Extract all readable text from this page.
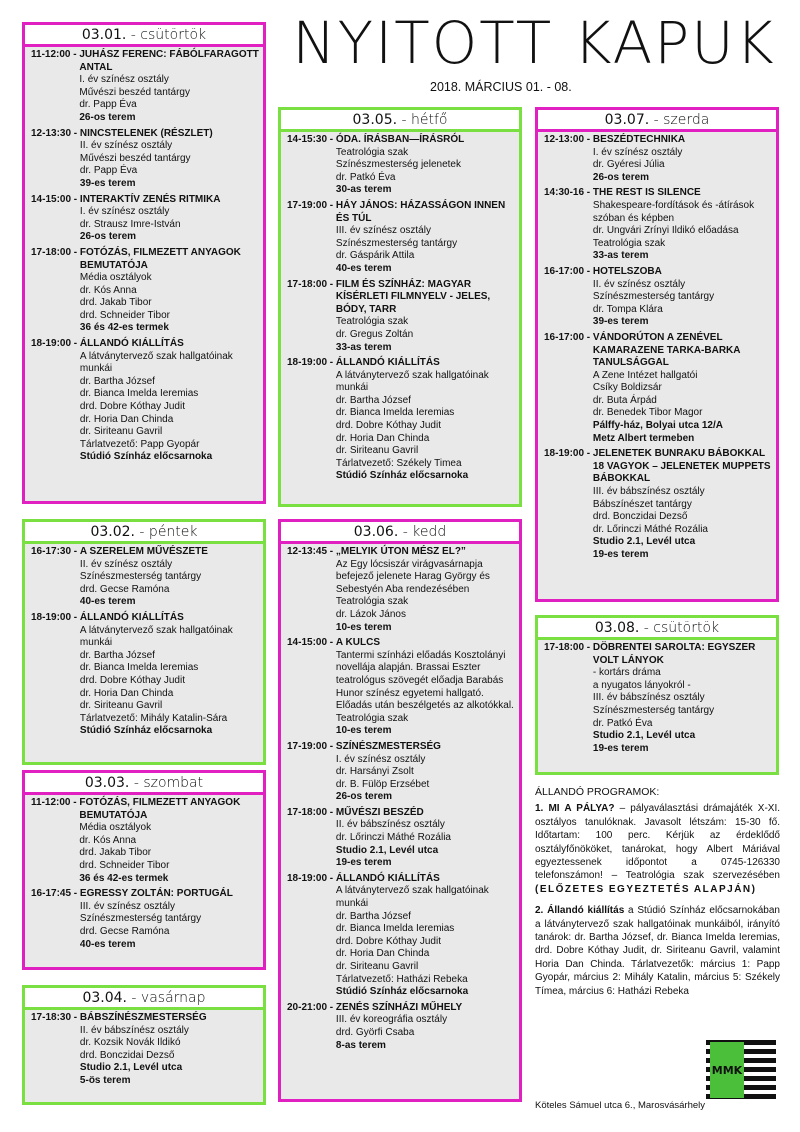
NYITOTT KAPUK
2018. MÁRCIUS 01. - 08.
03.01. - csütörtök
11-12:00 - JUHÁSZ FERENC: FÁBÓLFARAGOTT ANTAL
I. év színész osztály
Művészi beszéd tantárgy
dr. Papp Éva
26-os terem
12-13:30 - NINCSTELENEK (RÉSZLET)
II. év színész osztály
Művészi beszéd tantárgy
dr. Papp Éva
39-es terem
14-15:00 - INTERAKTÍV ZENÉS RITMIKA
I. év színész osztály
dr. Strausz Imre-István
26-os terem
17-18:00 - FOTÓZÁS, FILMEZETT ANYAGOK BEMUTATÓJA
Média osztályok
dr. Kós Anna
drd. Jakab Tibor
drd. Schneider Tibor
36 és 42-es termek
18-19:00 - ÁLLANDÓ KIÁLLÍTÁS
A látványtervező szak hallgatóinak munkái
dr. Bartha József
dr. Bianca Imelda Ieremias
drd. Dobre Kóthay Judit
dr. Horia Dan Chinda
dr. Siriteanu Gavril
Tárlatvezető: Papp Gyopár
Stúdió Színház előcsarnoka
03.02. - péntek
16-17:30 - A SZERELEM MŰVÉSZETE
II. év színész osztály
Színészmesterség tantárgy
drd. Gecse Ramóna
40-es terem
18-19:00 - ÁLLANDÓ KIÁLLÍTÁS
A látványtervező szak hallgatóinak munkái
dr. Bartha József
dr. Bianca Imelda Ieremias
drd. Dobre Kóthay Judit
dr. Horia Dan Chinda
dr. Siriteanu Gavril
Tárlatvezető: Mihály Katalin-Sára
Stúdió Színház előcsarnoka
03.03. - szombat
11-12:00 - FOTÓZÁS, FILMEZETT ANYAGOK BEMUTATÓJA
Média osztályok
dr. Kós Anna
drd. Jakab Tibor
drd. Schneider Tibor
36 és 42-es termek
16-17:45 - EGRESSY ZOLTÁN: PORTUGÁL
III. év színész osztály
Színészmesterség tantárgy
drd. Gecse Ramóna
40-es terem
03.04. - vasárnap
17-18:30 - BÁBSZÍNÉSZMESTERSÉG
II. év bábszínész osztály
dr. Kozsik Novák Ildikó
drd. Bonczidai Dezső
Studio 2.1, Levél utca
5-ös terem
03.05. - hétfő
14-15:30 - ÓDA. ÍRÁSBAN—ÍRÁSRÓL
Teatrológia szak
Színészmesterség jelenetek
dr. Patkó Éva
30-as terem
17-19:00 - HÁY JÁNOS: HÁZASSÁGON INNEN ÉS TÚL
III. év színész osztály
Színészmesterség tantárgy
dr. Gáspárik Attila
40-es terem
17-18:00 - FILM ÉS SZÍNHÁZ: MAGYAR KÍSÉRLETI FILMNYELV - JELES, BÓDY, TARR
Teatrológia szak
dr. Gregus Zoltán
33-as terem
18-19:00 - ÁLLANDÓ KIÁLLÍTÁS
A látványtervező szak hallgatóinak munkái
dr. Bartha József
dr. Bianca Imelda Ieremias
drd. Dobre Kóthay Judit
dr. Horia Dan Chinda
dr. Siriteanu Gavril
Tárlatvezető: Székely Timea
Stúdió Színház előcsarnoka
03.06. - kedd
12-13:45 - „MELYIK ÚTON MÉSZ EL?”
Az Egy lócsiszár virágvasárnapja befejező jelenete Harag György és Sebestyén Aba rendezésében
Teatrológia szak
dr. Lázok János
10-es terem
14-15:00 - A KULCS
Tantermi színházi előadás Kosztolányi novellája alapján. Brassai Eszter teatrológus szövegét előadja Barabás Hunor színész egyetemi hallgató. Előadás után beszélgetés az alkotókkal.
Teatrológia szak
10-es terem
17-19:00 - SZÍNÉSZMESTERSÉG
I. év színész osztály
dr. Harsányi Zsolt
dr. B. Fülöp Erzsébet
26-os terem
17-18:00 - MŰVÉSZI BESZÉD
II. év bábszínész osztály
dr. Lőrinczi Máthé Rozália
Studio 2.1, Levél utca
19-es terem
18-19:00 - ÁLLANDÓ KIÁLLÍTÁS
A látványtervező szak hallgatóinak munkái
dr. Bartha József
dr. Bianca Imelda Ieremias
drd. Dobre Kóthay Judit
dr. Horia Dan Chinda
dr. Siriteanu Gavril
Tárlatvezető: Hatházi Rebeka
Stúdió Színház előcsarnoka
20-21:00 - ZENÉS SZÍNHÁZI MŰHELY
III. év koreográfia osztály
drd. Györfi Csaba
8-as terem
03.07. - szerda
12-13:00 - BESZÉDTECHNIKA
I. év színész osztály
dr. Gyéresi Júlia
26-os terem
14:30-16 - THE REST IS SILENCE
Shakespeare-fordítások és -átírások szóban és képben
dr. Ungvári Zrínyi Ildikó előadása
Teatrológia szak
33-as terem
16-17:00 - HOTELSZOBA
II. év színész osztály
Színészmesterség tantárgy
dr. Tompa Klára
39-es terem
16-17:00 - VÁNDORÚTON A ZENÉVEL KAMARAZENE TARKA-BARKA TANULSÁGGAL
A Zene Intézet hallgatói
Csíky Boldizsár
dr. Buta Árpád
dr. Benedek Tibor Magor
Pálffy-ház, Bolyai utca 12/A
Metz Albert termeben
18-19:00 - JELENETEK BUNRAKU BÁBOKKAL
18 VAGYOK – JELENETEK MUPPETS BÁBOKKAL
III. év bábszínész osztály
Bábszínészet tantárgy
drd. Bonczidai Dezső
dr. Lőrinczi Máthé Rozália
Studio 2.1, Levél utca
19-es terem
03.08. - csütörtök
17-18:00 - DÖBRENTEI SAROLTA: EGYSZER VOLT LÁNYOK
- kortárs dráma
a nyugatos lányokról -
III. év bábszínész osztály
Színészmesterség tantárgy
dr. Patkó Éva
Studio 2.1, Levél utca
19-es terem
ÁLLANDÓ PROGRAMOK:

1. MI A PÁLYA? – pályaválasztási drámajáték X-XI. osztályos tanulóknak. Javasolt létszám: 15-30 fő. Időtartam: 100 perc. Kérjük az érdeklődő osztályfőnököket, tanárokat, hogy Albert Máriával egyeztessenek időpontot a 0745-126330 telefonszámon! – Teatrológia szak szervezésében (ELŐZETES EGYEZTETÉS ALAPJÁN)

2. Állandó kiállítás a Stúdió Színház előcsarnokában a látványtervező szak hallgatóinak munkáiból, irányító tanárok: dr. Bartha József, dr. Bianca Imelda Ieremias, drd. Dobre Kóthay Judit, dr. Siriteanu Gavril, valamint Horia Dan Chinda. Tárlatvezetők: március 1: Papp Gyopár, március 2: Mihály Katalin, március 5: Székely Tímea, március 6: Hatházi Rebeka

MMK
Köteles Sámuel utca 6., Marosvásárhely
